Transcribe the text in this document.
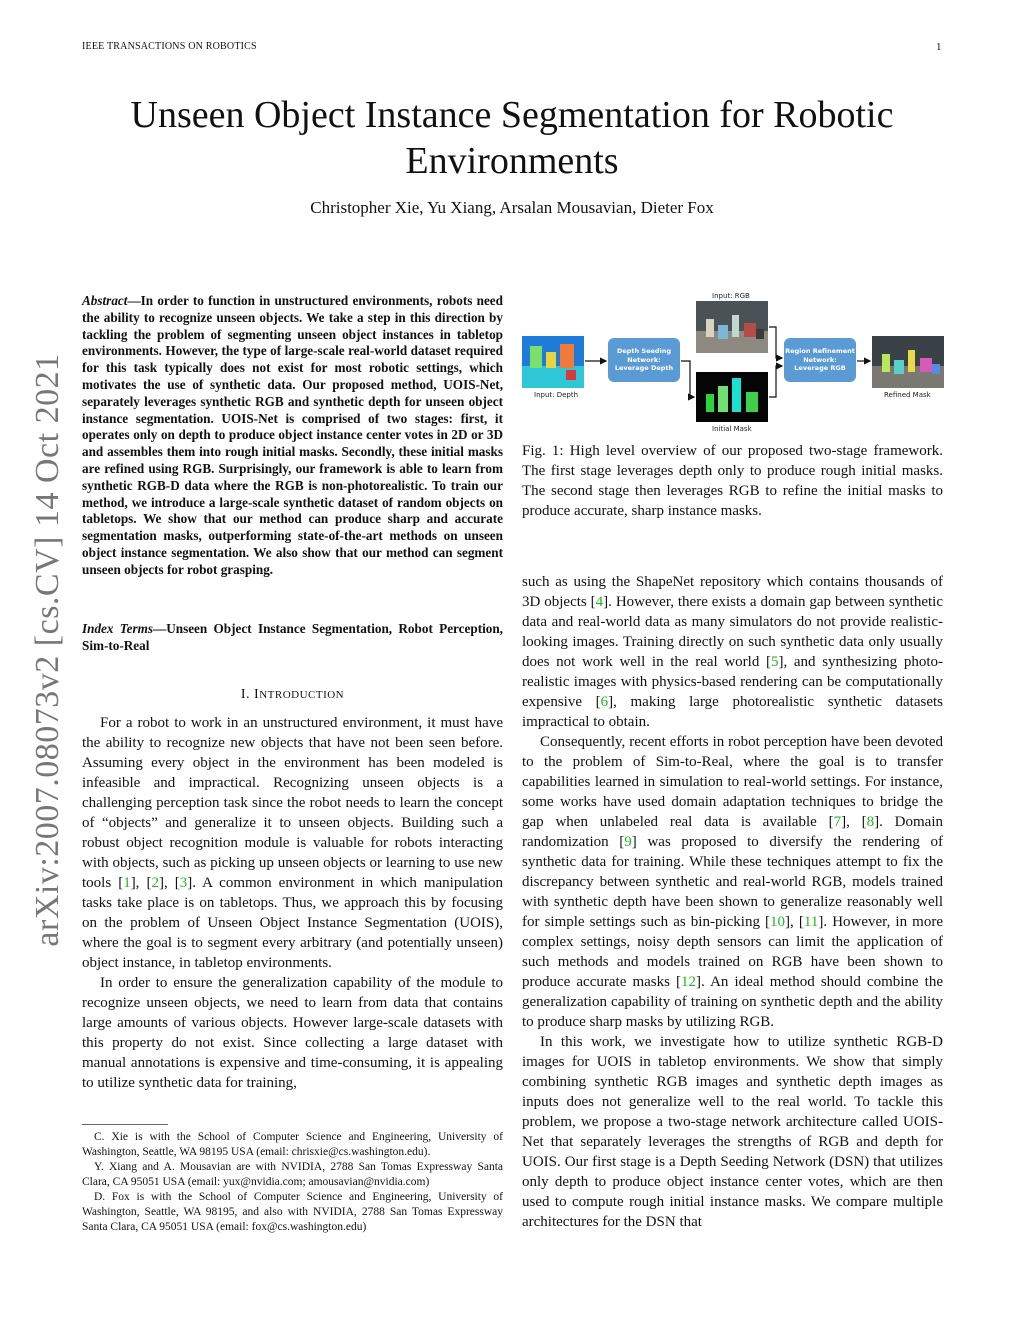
IEEE TRANSACTIONS ON ROBOTICS	1
Unseen Object Instance Segmentation for Robotic
Environments
Christopher Xie, Yu Xiang, Arsalan Mousavian, Dieter Fox
arXiv:2007.08073v2 [cs.CV] 14 Oct 2021
Abstract—In order to function in unstructured environments, robots need the ability to recognize unseen objects. We take a step in this direction by tackling the problem of segmenting unseen object instances in tabletop environments. However, the type of large-scale real-world dataset required for this task typically does not exist for most robotic settings, which motivates the use of synthetic data. Our proposed method, UOIS-Net, separately leverages synthetic RGB and synthetic depth for unseen object instance segmentation. UOIS-Net is comprised of two stages: first, it operates only on depth to produce object instance center votes in 2D or 3D and assembles them into rough initial masks. Secondly, these initial masks are refined using RGB. Surprisingly, our framework is able to learn from synthetic RGB-D data where the RGB is non-photorealistic. To train our method, we introduce a large-scale synthetic dataset of random objects on tabletops. We show that our method can produce sharp and accurate segmentation masks, outperforming state-of-the-art methods on unseen object instance segmentation. We also show that our method can segment unseen objects for robot grasping.
Index Terms—Unseen Object Instance Segmentation, Robot Perception, Sim-to-Real
I. INTRODUCTION

For a robot to work in an unstructured environment, it must have the ability to recognize new objects that have not been seen before. Assuming every object in the environment has been modeled is infeasible and impractical. Recognizing unseen objects is a challenging perception task since the robot needs to learn the concept of “objects” and generalize it to unseen objects. Building such a robust object recognition module is valuable for robots interacting with objects, such as picking up unseen objects or learning to use new tools [1], [2], [3]. A common environment in which manipulation tasks take place is on tabletops. Thus, we approach this by focusing on the problem of Unseen Object Instance Segmentation (UOIS), where the goal is to segment every arbitrary (and potentially unseen) object instance, in tabletop environments.

In order to ensure the generalization capability of the module to recognize unseen objects, we need to learn from data that contains large amounts of various objects. However large-scale datasets with this property do not exist. Since collecting a large dataset with manual annotations is expensive and time-consuming, it is appealing to utilize synthetic data for training,

C. Xie is with the School of Computer Science and Engineering, University of Washington, Seattle, WA 98195 USA (email: chrisxie@cs.washington.edu).

Y. Xiang and A. Mousavian are with NVIDIA, 2788 San Tomas Expressway Santa Clara, CA 95051 USA (email: yux@nvidia.com; amousavian@nvidia.com)

D. Fox is with the School of Computer Science and Engineering, University of Washington, Seattle, WA 98195, and also with NVIDIA, 2788 San Tomas Expressway Santa Clara, CA 95051 USA (email: fox@cs.washington.edu)

Input: RGB
Depth Seeding
Network:
Leverage Depth
Region Refinement
Network:
Leverage RGB
Input: Depth
Initial Mask
Refined Mask
Fig. 1: High level overview of our proposed two-stage framework. The first stage leverages depth only to produce rough initial masks. The second stage then leverages RGB to refine the initial masks to produce accurate, sharp instance masks.

such as using the ShapeNet repository which contains thousands of 3D objects [4]. However, there exists a domain gap between synthetic data and real-world data as many simulators do not provide realistic-looking images. Training directly on such synthetic data only usually does not work well in the real world [5], and synthesizing photo-realistic images with physics-based rendering can be computationally expensive [6], making large photorealistic synthetic datasets impractical to obtain.

Consequently, recent efforts in robot perception have been devoted to the problem of Sim-to-Real, where the goal is to transfer capabilities learned in simulation to real-world settings. For instance, some works have used domain adaptation techniques to bridge the gap when unlabeled real data is available [7], [8]. Domain randomization [9] was proposed to diversify the rendering of synthetic data for training. While these techniques attempt to fix the discrepancy between synthetic and real-world RGB, models trained with synthetic depth have been shown to generalize reasonably well for simple settings such as bin-picking [10], [11]. However, in more complex settings, noisy depth sensors can limit the application of such methods and models trained on RGB have been shown to produce accurate masks [12]. An ideal method should combine the generalization capability of training on synthetic depth and the ability to produce sharp masks by utilizing RGB.

In this work, we investigate how to utilize synthetic RGB-D images for UOIS in tabletop environments. We show that simply combining synthetic RGB images and synthetic depth images as inputs does not generalize well to the real world. To tackle this problem, we propose a two-stage network architecture called UOIS-Net that separately leverages the strengths of RGB and depth for UOIS. Our first stage is a Depth Seeding Network (DSN) that utilizes only depth to produce object instance center votes, which are then used to compute rough initial instance masks. We compare multiple architectures for the DSN that
